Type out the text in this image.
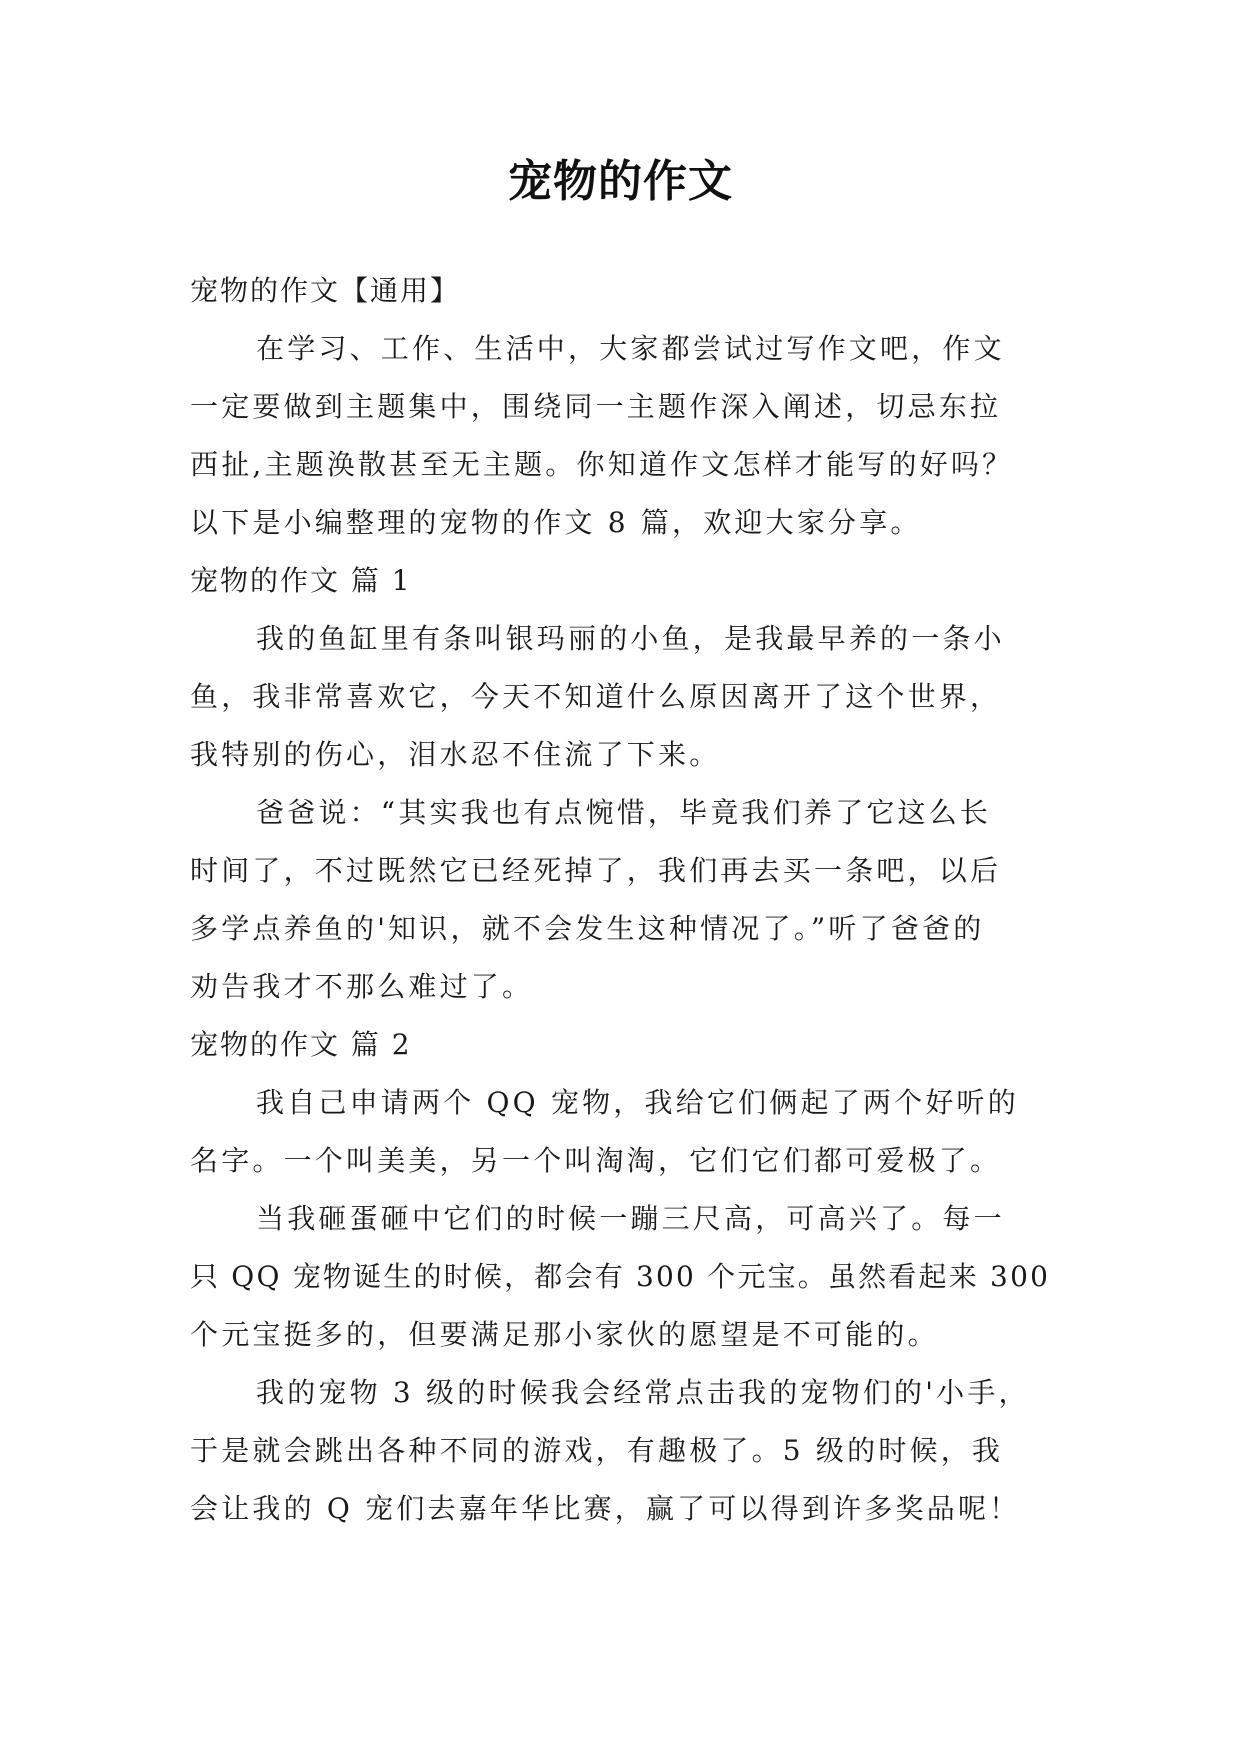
宠物的作文
宠物的作文【通用】
在学习、工作、生活中，大家都尝试过写作文吧，作文
一定要做到主题集中，围绕同一主题作深入阐述，切忌东拉
西扯,主题涣散甚至无主题。你知道作文怎样才能写的好吗？
以下是小编整理的宠物的作文 8 篇，欢迎大家分享。
宠物的作文 篇 1
我的鱼缸里有条叫银玛丽的小鱼，是我最早养的一条小
鱼，我非常喜欢它，今天不知道什么原因离开了这个世界，
我特别的伤心，泪水忍不住流了下来。
爸爸说：“其实我也有点惋惜，毕竟我们养了它这么长
时间了，不过既然它已经死掉了，我们再去买一条吧，以后
多学点养鱼的'知识，就不会发生这种情况了。”听了爸爸的
劝告我才不那么难过了。
宠物的作文 篇 2
我自己申请两个 QQ 宠物，我给它们俩起了两个好听的
名字。一个叫美美，另一个叫淘淘，它们它们都可爱极了。
当我砸蛋砸中它们的时候一蹦三尺高，可高兴了。每一
只 QQ 宠物诞生的时候，都会有 300 个元宝。虽然看起来 300
个元宝挺多的，但要满足那小家伙的愿望是不可能的。
我的宠物 3 级的时候我会经常点击我的宠物们的'小手，
于是就会跳出各种不同的游戏，有趣极了。5 级的时候，我
会让我的 Q 宠们去嘉年华比赛，赢了可以得到许多奖品呢！
